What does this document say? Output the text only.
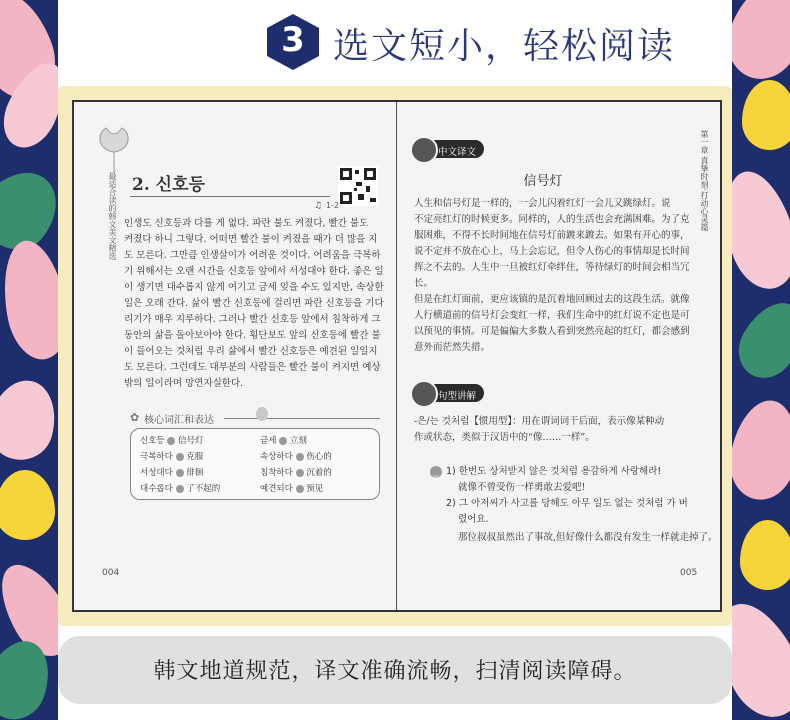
3 选文短小，轻松阅读
最适合读的韩文美文精选 2. 신호등
♫ 1-2
인생도 신호등과 다를 게 없다. 파란 불도 켜졌다, 빨간 불도
켜졌다 하니 그렇다. 어떠면 빨간 불이 켜졌을 때가 더 많을 지
도 모른다. 그만큼 인생살이가 어려운 것이다. 어려움을 극복하
기 위해서는 오랜 시간을 신호등 앞에서 서성대야 한다. 좋은 일
이 생기면 대수롭지 않게 여기고 금세 잊을 수도 있지만, 속상한
일은 오래 간다. 삶이 빨간 신호등에 걸리면 파란 신호등을 기다
리기가 매우 지루하다. 그러나 빨간 신호등 앞에서 침착하게 그
동안의 삶을 돌아보아야 한다. 횡단보도 앞의 신호등에 빨간 불
이 들어오는 것처럼 우리 삶에서 빨간 신호등은 예견된 일일지
도 모른다. 그런데도 대부분의 사람들은 빨간 불이 켜지면 예상
밖의 일이라며 망연자실한다.
✿ 核心词汇和表达
신호등 信号灯	금세 立刻
극복하다 克服	속상하다 伤心的
서성대다 徘徊	침착하다 沉着的
대수롭다 了不起的	예견되다 预见
004
第一章 真挚时刻·打动心灵篇
中文译文
信号灯
人生和信号灯是一样的，一会儿闪着红灯一会儿又跳绿灯。说
不定亮红灯的时候更多。同样的，人的生活也会充满困难。为了克
服困难，不得不长时间地在信号灯前踱来踱去。如果有开心的事，
说不定并不放在心上，马上会忘记，但令人伤心的事情却是长时间
挥之不去的。人生中一旦被红灯牵绊住，等待绿灯的时间会相当冗长。
但是在红灯面前，更应该镇的是沉着地回顾过去的这段生活。就像
人行横道前的信号灯会变红一样，我们生命中的红灯说不定也是可
以预见的事情。可是偏偏大多数人看到突然亮起的红灯，都会感到
意外而茫然失措。
句型讲解
-은/는 것처럼【惯用型】：用在谓词词干后面，表示像某种动
作或状态，类似于汉语中的“像……一样”。
例
1) 한번도 상처받지 않은 것처럼 용감하게 사랑해라!
就像不曾受伤一样勇敢去爱吧!
2) 그 아저씨가 사고를 당해도 아무 일도 없는 것처럼 가 버
렸어요.
那位叔叔虽然出了事故,但好像什么都没有发生一样就走掉了。
005
韩文地道规范，译文准确流畅，扫清阅读障碍。
